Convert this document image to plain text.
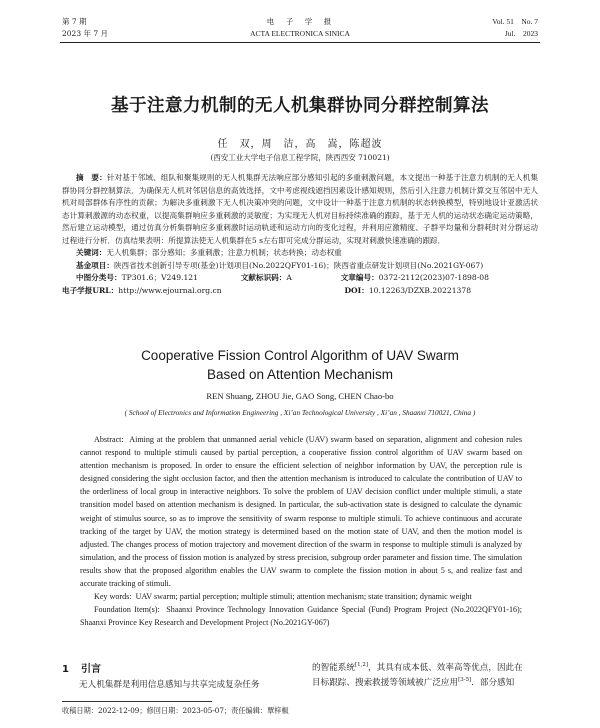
第 7 期
2023 年 7 月
电　子　学　报
ACTA ELECTRONICA SINICA
Vol. 51　No. 7
Jul.　2023
基于注意力机制的无人机集群协同分群控制算法
任　双，周　洁，高　嵩，陈超波
(西安工业大学电子信息工程学院，陕西西安 710021)
摘　要：针对基于邻域、组队和聚集规则的无人机集群无法响应部分感知引起的多重刺激问题，本文提出一种基于注意力机制的无人机集群协同分群控制算法．为确保无人机对邻居信息的高效选择，文中考虑视线遮挡因素设计感知规则，然后引入注意力机制计算交互邻居中无人机对局部群体有序性的贡献；为解决多重刺激下无人机决策冲突的问题，文中设计一种基于注意力机制的状态转换模型，特别地设计亚激活状态计算刺激源的动态权重，以提高集群响应多重刺激的灵敏度；为实现无人机对目标持续准确的跟踪，基于无人机的运动状态确定运动策略，然后建立运动模型，通过仿真分析集群响应多重刺激时运动轨迹和运动方向的变化过程，并利用应激精度、子群平均量和分群耗时对分群运动过程进行分析．仿真结果表明：所提算法使无人机集群在5 s左右即可完成分群运动，实现对刺激快速准确的跟踪．
关键词：无人机集群；部分感知；多重刺激；注意力机制；状态转换；动态权重
基金项目：陕西省技术创新引导专项(基金)计划项目(No.2022QFY01-16)；陕西省重点研发计划项目(No.2021GY-067)
中图分类号：TP301.6；V249.121	文献标识码：A	文章编号：0372-2112(2023)07-1898-08
电子学报URL：http://www.ejournal.org.cn	DOI：10.12263/DZXB.20221378
Cooperative Fission Control Algorithm of UAV Swarm
Based on Attention Mechanism
REN Shuang, ZHOU Jie, GAO Song, CHEN Chao-bo
( School of Electronics and Information Engineering , Xi’an Technological University , Xi’an , Shaanxi 710021, China )
Abstract: Aiming at the problem that unmanned aerial vehicle (UAV) swarm based on separation, alignment and cohesion rules cannot respond to multiple stimuli caused by partial perception, a cooperative fission control algorithm of UAV swarm based on attention mechanism is proposed. In order to ensure the efficient selection of neighbor information by UAV, the perception rule is designed considering the sight occlusion factor, and then the attention mechanism is introduced to calculate the contribution of UAV to the orderliness of local group in interactive neighbors. To solve the problem of UAV decision conflict under multiple stimuli, a state transition model based on attention mechanism is designed. In particular, the sub-activation state is designed to calculate the dynamic weight of stimulus source, so as to improve the sensitivity of swarm response to multiple stimuli. To achieve continuous and accurate tracking of the target by UAV, the motion strategy is determined based on the motion state of UAV, and then the motion model is adjusted. The changes process of motion trajectory and movement direction of the swarm in response to multiple stimuli is analyzed by simulation, and the process of fission motion is analyzed by stress precision, subgroup order parameter and fission time. The simulation results show that the proposed algorithm enables the UAV swarm to complete the fission motion in about 5 s, and realize fast and accurate tracking of stimuli.
Key words: UAV swarm; partial perception; multiple stimuli; attention mechanism; state transition; dynamic weight
Foundation Item(s): Shaanxi Province Technology Innovation Guidance Special (Fund) Program Project (No.2022QFY01-16); Shaanxi Province Key Research and Development Project (No.2021GY-067)
1 引言
无人机集群是利用信息感知与共享完成复杂任务
的智能系统[1,2]，其具有成本低、效率高等优点，因此在
目标跟踪、搜索救援等领域被广泛应用[3-5]．部分感知
收稿日期：2022-12-09；修回日期：2023-05-07；责任编辑：覃梓椒
